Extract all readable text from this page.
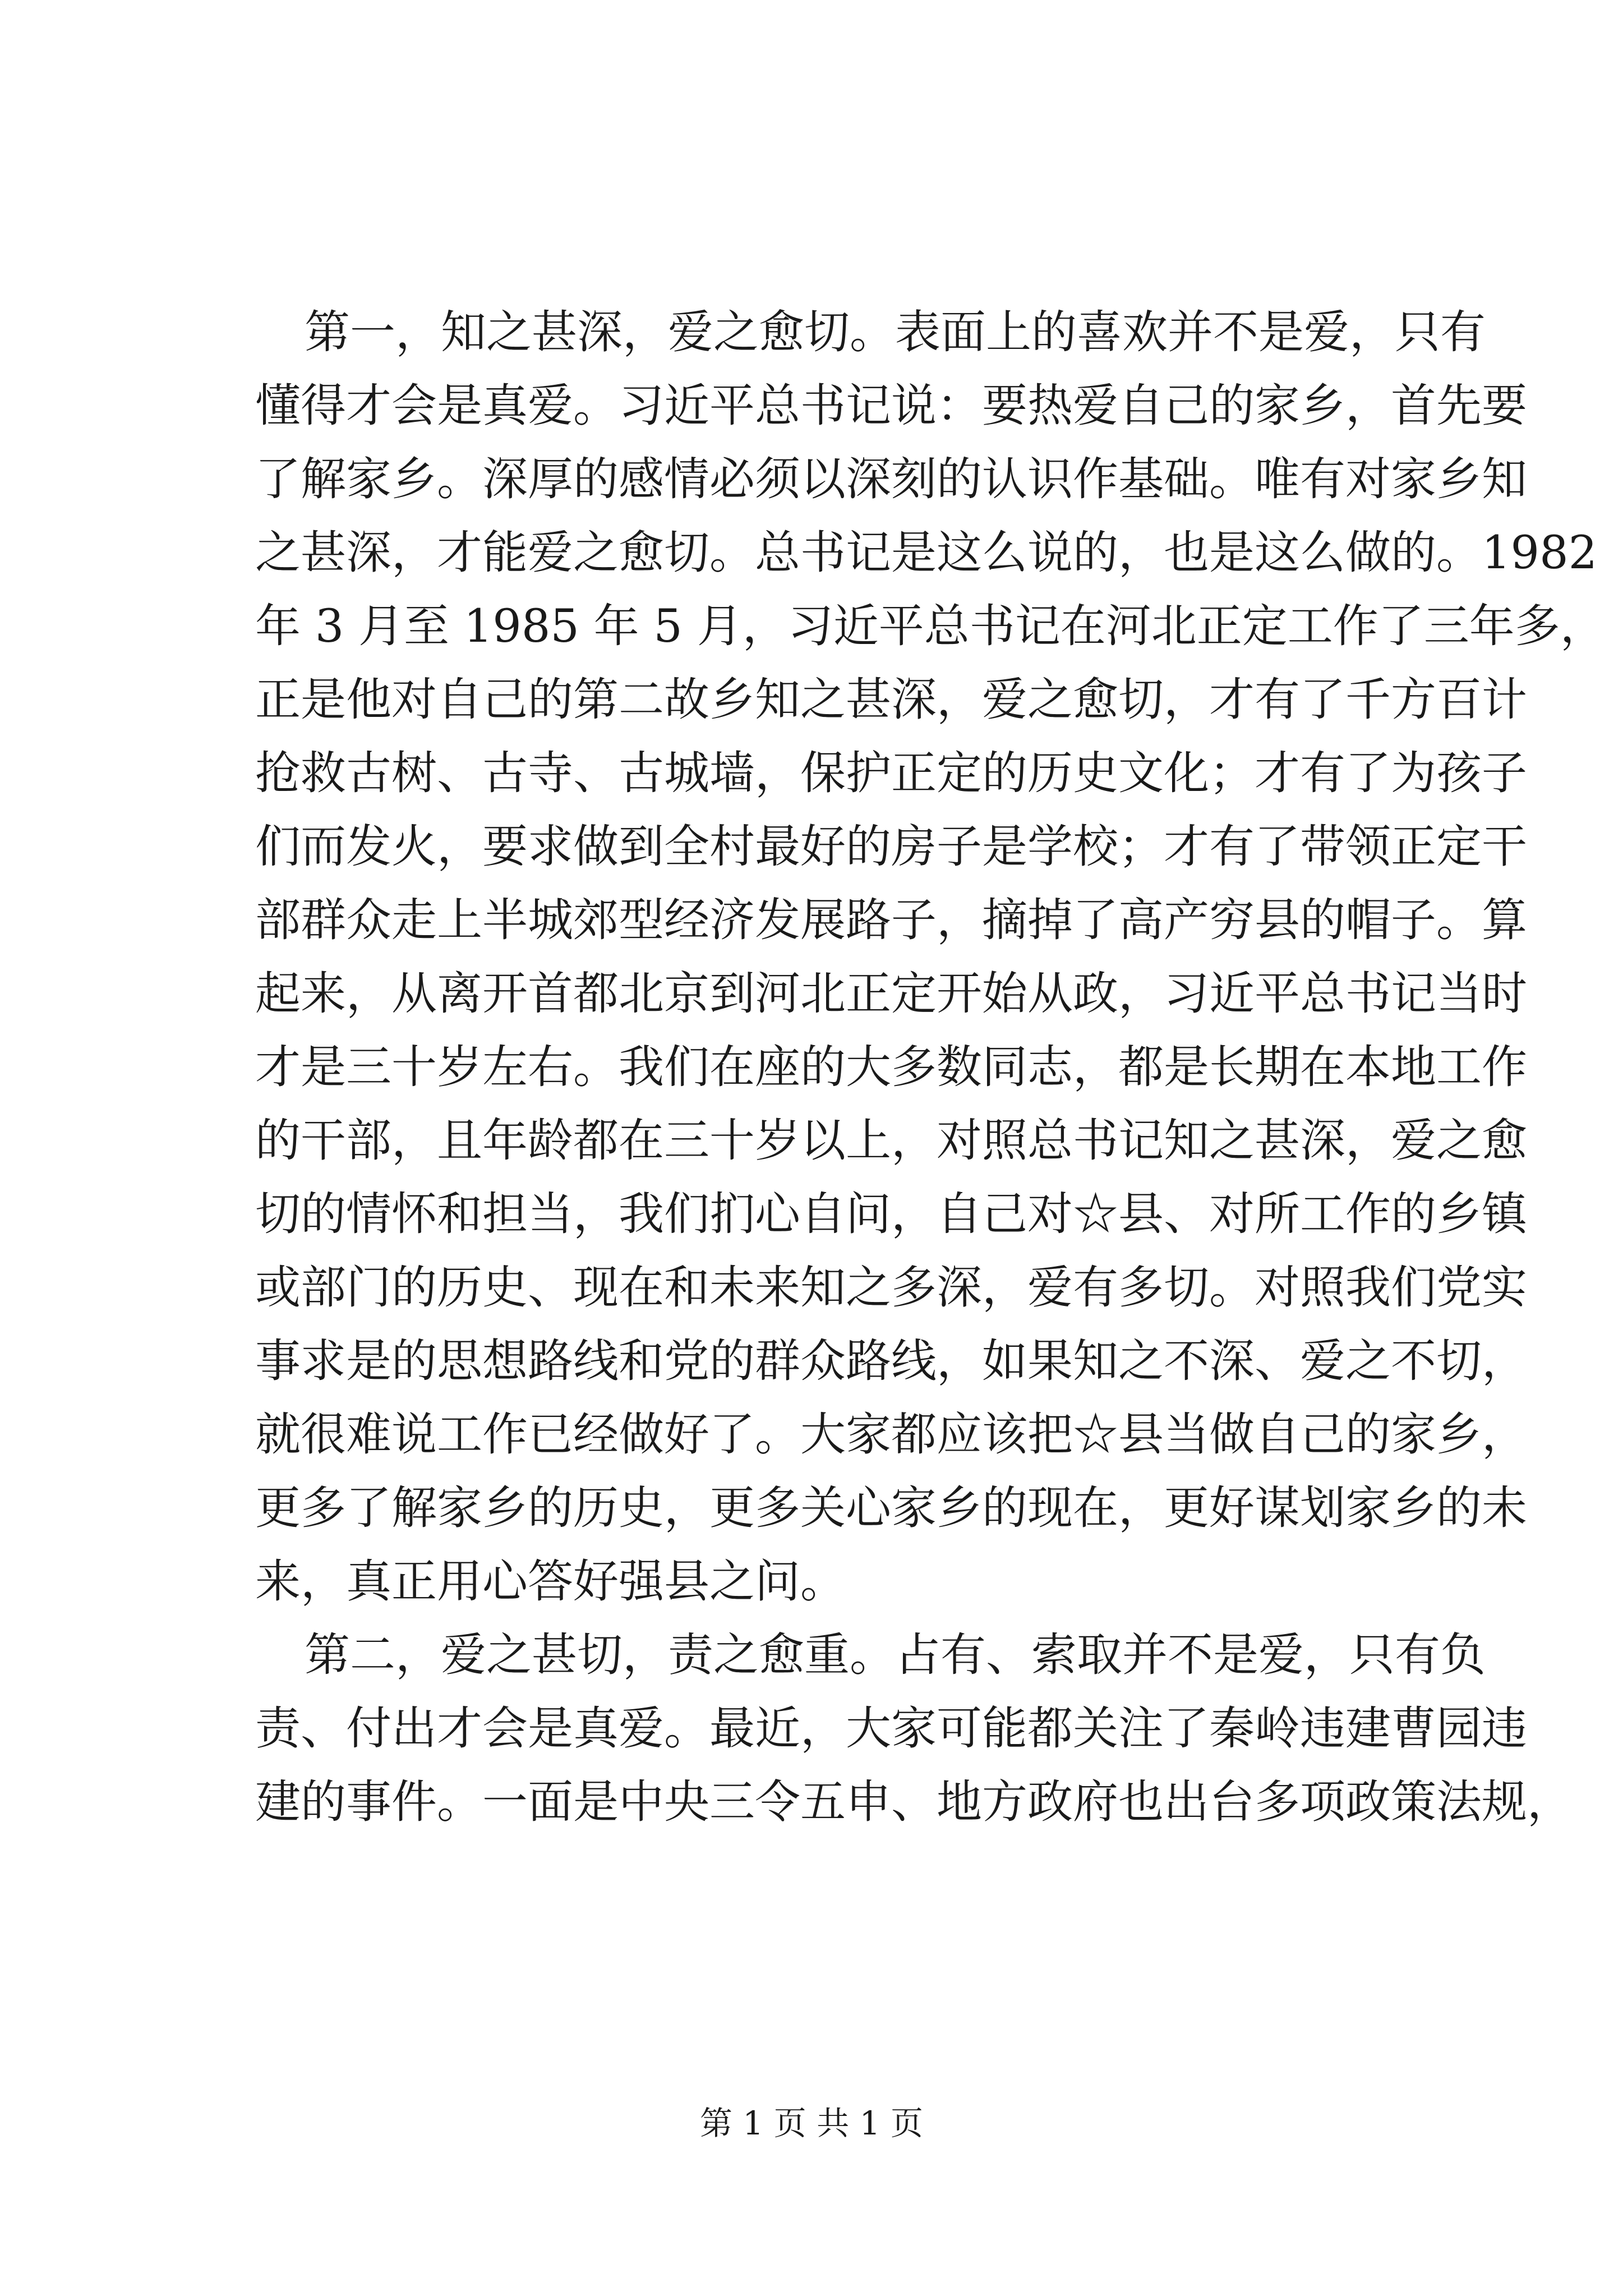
第一，知之甚深，爱之愈切。表面上的喜欢并不是爱，只有
懂得才会是真爱。习近平总书记说：要热爱自己的家乡，首先要
了解家乡。深厚的感情必须以深刻的认识作基础。唯有对家乡知
之甚深，才能爱之愈切。总书记是这么说的，也是这么做的。1982
年 3 月至 1985 年 5 月，习近平总书记在河北正定工作了三年多，
正是他对自己的第二故乡知之甚深，爱之愈切，才有了千方百计
抢救古树、古寺、古城墙，保护正定的历史文化；才有了为孩子
们而发火，要求做到全村最好的房子是学校；才有了带领正定干
部群众走上半城郊型经济发展路子，摘掉了高产穷县的帽子。算
起来，从离开首都北京到河北正定开始从政，习近平总书记当时
才是三十岁左右。我们在座的大多数同志，都是长期在本地工作
的干部，且年龄都在三十岁以上，对照总书记知之甚深，爱之愈
切的情怀和担当，我们扪心自问，自己对☆县、对所工作的乡镇
或部门的历史、现在和未来知之多深，爱有多切。对照我们党实
事求是的思想路线和党的群众路线，如果知之不深、爱之不切，
就很难说工作已经做好了。大家都应该把☆县当做自己的家乡，
更多了解家乡的历史，更多关心家乡的现在，更好谋划家乡的未
来，真正用心答好强县之问。
第二，爱之甚切，责之愈重。占有、索取并不是爱，只有负
责、付出才会是真爱。最近，大家可能都关注了秦岭违建曹园违
建的事件。一面是中央三令五申、地方政府也出台多项政策法规，
第 1 页 共 1 页
